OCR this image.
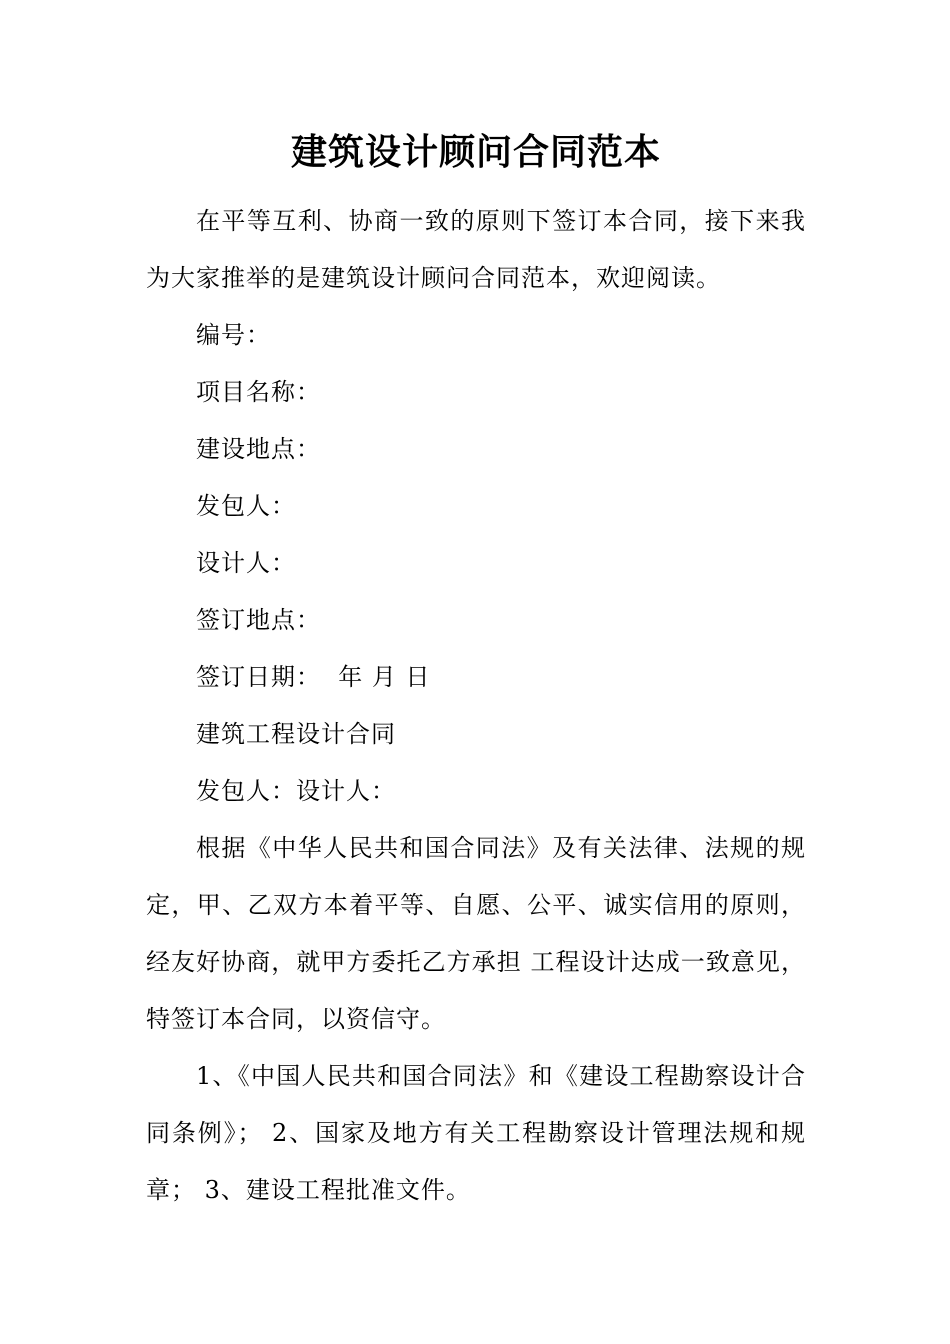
建筑设计顾问合同范本

在平等互利、协商一致的原则下签订本合同，接下来我为大家推举的是建筑设计顾问合同范本，欢迎阅读。

编号：

项目名称：

建设地点：

发包人：

设计人：

签订地点：

签订日期：  年 月 日

建筑工程设计合同

发包人：设计人：

根据《中华人民共和国合同法》及有关法律、法规的规定，甲、乙双方本着平等、自愿、公平、诚实信用的原则，经友好协商，就甲方委托乙方承担 工程设计达成一致意见，特签订本合同，以资信守。

1、《中国人民共和国合同法》和《建设工程勘察设计合同条例》； 2、国家及地方有关工程勘察设计管理法规和规章； 3、建设工程批准文件。
